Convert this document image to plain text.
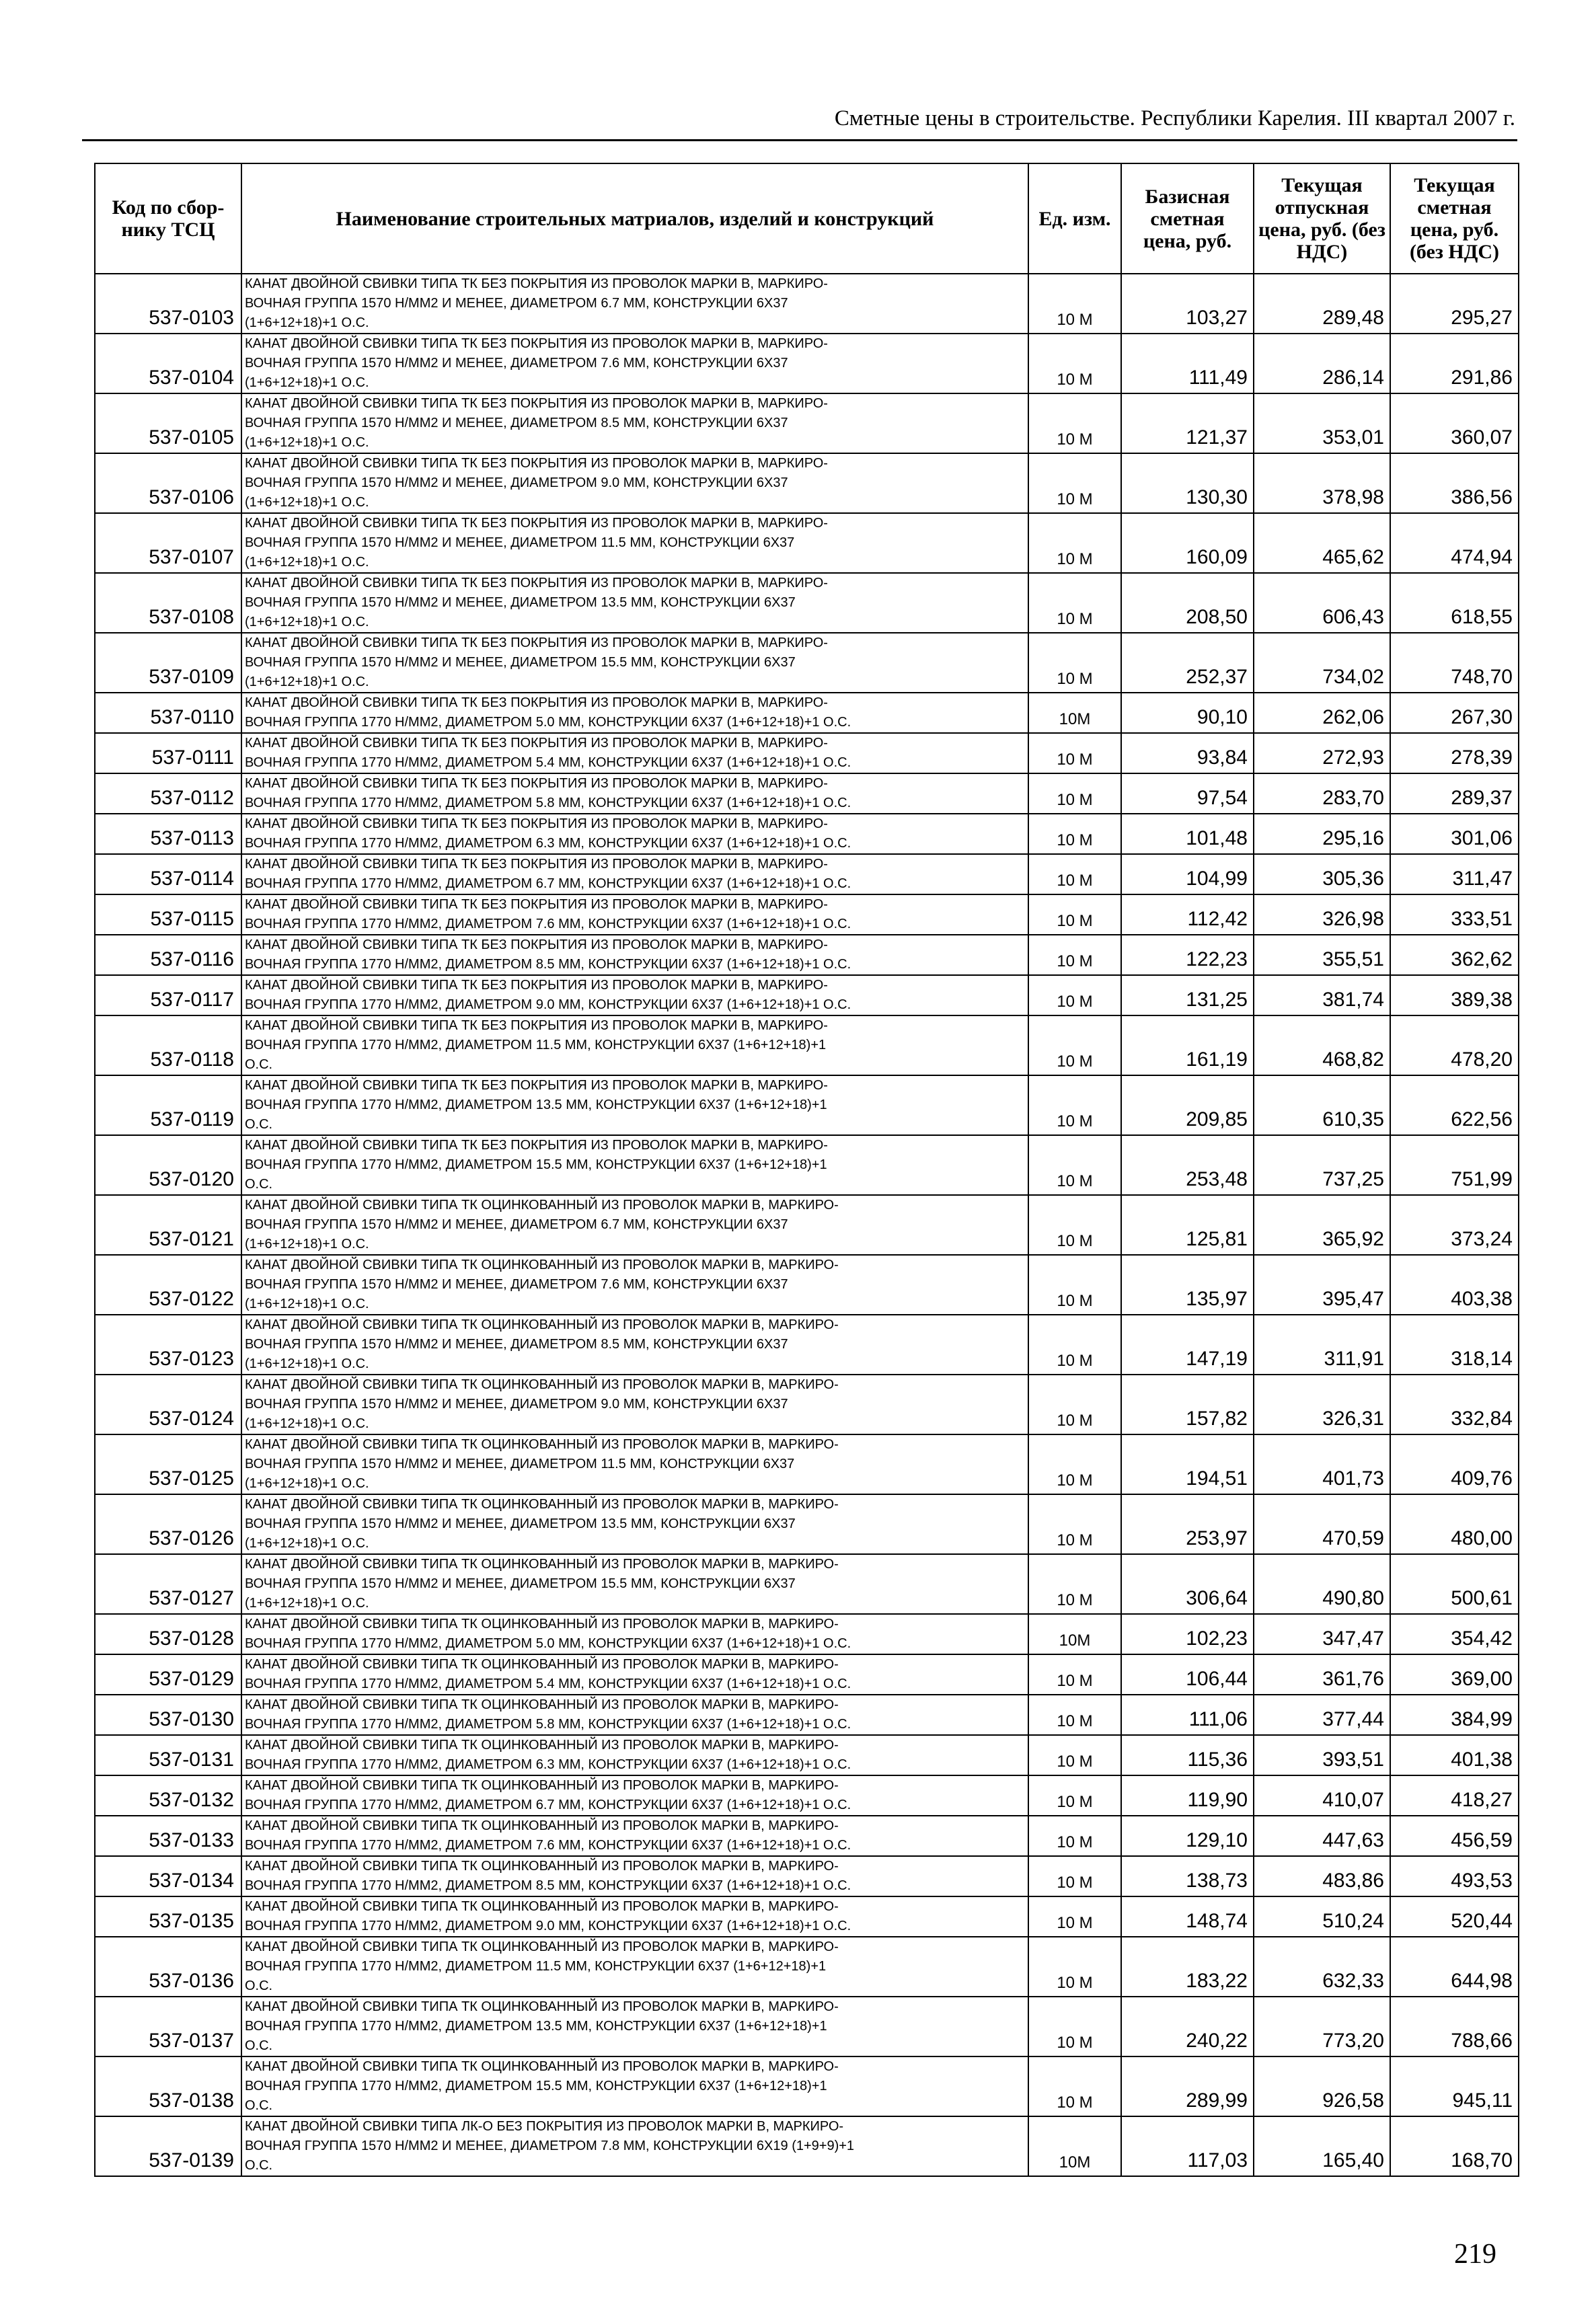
Сметные цены в строительстве. Республики Карелия. III квартал 2007 г.
Код по сбор-нику ТСЦ	Наименование строительных матриалов, изделий и конструкций	Ед. изм.	Базисная сметная цена, руб.	Текущая отпускная цена, руб. (без НДС)	Текущая сметная цена, руб. (без НДС)
537-0103	КАНАТ ДВОЙНОЙ СВИВКИ ТИПА ТК БЕЗ ПОКРЫТИЯ ИЗ ПРОВОЛОК МАРКИ В, МАРКИРО-
ВОЧНАЯ ГРУППА 1570 Н/ММ2 И МЕНЕЕ, ДИАМЕТРОМ 6.7 ММ, КОНСТРУКЦИИ 6Х37
(1+6+12+18)+1 О.С.	10 М	103,27	289,48	295,27
537-0104	КАНАТ ДВОЙНОЙ СВИВКИ ТИПА ТК БЕЗ ПОКРЫТИЯ ИЗ ПРОВОЛОК МАРКИ В, МАРКИРО-
ВОЧНАЯ ГРУППА 1570 Н/ММ2 И МЕНЕЕ, ДИАМЕТРОМ 7.6 ММ, КОНСТРУКЦИИ 6Х37
(1+6+12+18)+1 О.С.	10 М	111,49	286,14	291,86
537-0105	КАНАТ ДВОЙНОЙ СВИВКИ ТИПА ТК БЕЗ ПОКРЫТИЯ ИЗ ПРОВОЛОК МАРКИ В, МАРКИРО-
ВОЧНАЯ ГРУППА 1570 Н/ММ2 И МЕНЕЕ, ДИАМЕТРОМ 8.5 ММ, КОНСТРУКЦИИ 6Х37
(1+6+12+18)+1 О.С.	10 М	121,37	353,01	360,07
537-0106	КАНАТ ДВОЙНОЙ СВИВКИ ТИПА ТК БЕЗ ПОКРЫТИЯ ИЗ ПРОВОЛОК МАРКИ В, МАРКИРО-
ВОЧНАЯ ГРУППА 1570 Н/ММ2 И МЕНЕЕ, ДИАМЕТРОМ 9.0 ММ, КОНСТРУКЦИИ 6Х37
(1+6+12+18)+1 О.С.	10 М	130,30	378,98	386,56
537-0107	КАНАТ ДВОЙНОЙ СВИВКИ ТИПА ТК БЕЗ ПОКРЫТИЯ ИЗ ПРОВОЛОК МАРКИ В, МАРКИРО-
ВОЧНАЯ ГРУППА 1570 Н/ММ2 И МЕНЕЕ, ДИАМЕТРОМ 11.5 ММ, КОНСТРУКЦИИ 6Х37
(1+6+12+18)+1 О.С.	10 М	160,09	465,62	474,94
537-0108	КАНАТ ДВОЙНОЙ СВИВКИ ТИПА ТК БЕЗ ПОКРЫТИЯ ИЗ ПРОВОЛОК МАРКИ В, МАРКИРО-
ВОЧНАЯ ГРУППА 1570 Н/ММ2 И МЕНЕЕ, ДИАМЕТРОМ 13.5 ММ, КОНСТРУКЦИИ 6Х37
(1+6+12+18)+1 О.С.	10 М	208,50	606,43	618,55
537-0109	КАНАТ ДВОЙНОЙ СВИВКИ ТИПА ТК БЕЗ ПОКРЫТИЯ ИЗ ПРОВОЛОК МАРКИ В, МАРКИРО-
ВОЧНАЯ ГРУППА 1570 Н/ММ2 И МЕНЕЕ, ДИАМЕТРОМ 15.5 ММ, КОНСТРУКЦИИ 6Х37
(1+6+12+18)+1 О.С.	10 М	252,37	734,02	748,70
537-0110	КАНАТ ДВОЙНОЙ СВИВКИ ТИПА ТК БЕЗ ПОКРЫТИЯ ИЗ ПРОВОЛОК МАРКИ В, МАРКИРО-
ВОЧНАЯ ГРУППА 1770 Н/ММ2, ДИАМЕТРОМ 5.0 ММ, КОНСТРУКЦИИ 6Х37 (1+6+12+18)+1 О.С.	10М	90,10	262,06	267,30
537-0111	КАНАТ ДВОЙНОЙ СВИВКИ ТИПА ТК БЕЗ ПОКРЫТИЯ ИЗ ПРОВОЛОК МАРКИ В, МАРКИРО-
ВОЧНАЯ ГРУППА 1770 Н/ММ2, ДИАМЕТРОМ 5.4 ММ, КОНСТРУКЦИИ 6Х37 (1+6+12+18)+1 О.С.	10 М	93,84	272,93	278,39
537-0112	КАНАТ ДВОЙНОЙ СВИВКИ ТИПА ТК БЕЗ ПОКРЫТИЯ ИЗ ПРОВОЛОК МАРКИ В, МАРКИРО-
ВОЧНАЯ ГРУППА 1770 Н/ММ2, ДИАМЕТРОМ 5.8 ММ, КОНСТРУКЦИИ 6Х37 (1+6+12+18)+1 О.С.	10 М	97,54	283,70	289,37
537-0113	КАНАТ ДВОЙНОЙ СВИВКИ ТИПА ТК БЕЗ ПОКРЫТИЯ ИЗ ПРОВОЛОК МАРКИ В, МАРКИРО-
ВОЧНАЯ ГРУППА 1770 Н/ММ2, ДИАМЕТРОМ 6.3 ММ, КОНСТРУКЦИИ 6Х37 (1+6+12+18)+1 О.С.	10 М	101,48	295,16	301,06
537-0114	КАНАТ ДВОЙНОЙ СВИВКИ ТИПА ТК БЕЗ ПОКРЫТИЯ ИЗ ПРОВОЛОК МАРКИ В, МАРКИРО-
ВОЧНАЯ ГРУППА 1770 Н/ММ2, ДИАМЕТРОМ 6.7 ММ, КОНСТРУКЦИИ 6Х37 (1+6+12+18)+1 О.С.	10 М	104,99	305,36	311,47
537-0115	КАНАТ ДВОЙНОЙ СВИВКИ ТИПА ТК БЕЗ ПОКРЫТИЯ ИЗ ПРОВОЛОК МАРКИ В, МАРКИРО-
ВОЧНАЯ ГРУППА 1770 Н/ММ2, ДИАМЕТРОМ 7.6 ММ, КОНСТРУКЦИИ 6Х37 (1+6+12+18)+1 О.С.	10 М	112,42	326,98	333,51
537-0116	КАНАТ ДВОЙНОЙ СВИВКИ ТИПА ТК БЕЗ ПОКРЫТИЯ ИЗ ПРОВОЛОК МАРКИ В, МАРКИРО-
ВОЧНАЯ ГРУППА 1770 Н/ММ2, ДИАМЕТРОМ 8.5 ММ, КОНСТРУКЦИИ 6Х37 (1+6+12+18)+1 О.С.	10 М	122,23	355,51	362,62
537-0117	КАНАТ ДВОЙНОЙ СВИВКИ ТИПА ТК БЕЗ ПОКРЫТИЯ ИЗ ПРОВОЛОК МАРКИ В, МАРКИРО-
ВОЧНАЯ ГРУППА 1770 Н/ММ2, ДИАМЕТРОМ 9.0 ММ, КОНСТРУКЦИИ 6Х37 (1+6+12+18)+1 О.С.	10 М	131,25	381,74	389,38
537-0118	КАНАТ ДВОЙНОЙ СВИВКИ ТИПА ТК БЕЗ ПОКРЫТИЯ ИЗ ПРОВОЛОК МАРКИ В, МАРКИРО-
ВОЧНАЯ ГРУППА 1770 Н/ММ2, ДИАМЕТРОМ 11.5 ММ, КОНСТРУКЦИИ 6Х37 (1+6+12+18)+1
О.С.	10 М	161,19	468,82	478,20
537-0119	КАНАТ ДВОЙНОЙ СВИВКИ ТИПА ТК БЕЗ ПОКРЫТИЯ ИЗ ПРОВОЛОК МАРКИ В, МАРКИРО-
ВОЧНАЯ ГРУППА 1770 Н/ММ2, ДИАМЕТРОМ 13.5 ММ, КОНСТРУКЦИИ 6Х37 (1+6+12+18)+1
О.С.	10 М	209,85	610,35	622,56
537-0120	КАНАТ ДВОЙНОЙ СВИВКИ ТИПА ТК БЕЗ ПОКРЫТИЯ ИЗ ПРОВОЛОК МАРКИ В, МАРКИРО-
ВОЧНАЯ ГРУППА 1770 Н/ММ2, ДИАМЕТРОМ 15.5 ММ, КОНСТРУКЦИИ 6Х37 (1+6+12+18)+1
О.С.	10 М	253,48	737,25	751,99
537-0121	КАНАТ ДВОЙНОЙ СВИВКИ ТИПА ТК ОЦИНКОВАННЫЙ ИЗ ПРОВОЛОК МАРКИ В, МАРКИРО-
ВОЧНАЯ ГРУППА 1570 Н/ММ2 И МЕНЕЕ, ДИАМЕТРОМ 6.7 ММ, КОНСТРУКЦИИ 6Х37
(1+6+12+18)+1 О.С.	10 М	125,81	365,92	373,24
537-0122	КАНАТ ДВОЙНОЙ СВИВКИ ТИПА ТК ОЦИНКОВАННЫЙ ИЗ ПРОВОЛОК МАРКИ В, МАРКИРО-
ВОЧНАЯ ГРУППА 1570 Н/ММ2 И МЕНЕЕ, ДИАМЕТРОМ 7.6 ММ, КОНСТРУКЦИИ 6Х37
(1+6+12+18)+1 О.С.	10 М	135,97	395,47	403,38
537-0123	КАНАТ ДВОЙНОЙ СВИВКИ ТИПА ТК ОЦИНКОВАННЫЙ ИЗ ПРОВОЛОК МАРКИ В, МАРКИРО-
ВОЧНАЯ ГРУППА 1570 Н/ММ2 И МЕНЕЕ, ДИАМЕТРОМ 8.5 ММ, КОНСТРУКЦИИ 6Х37
(1+6+12+18)+1 О.С.	10 М	147,19	311,91	318,14
537-0124	КАНАТ ДВОЙНОЙ СВИВКИ ТИПА ТК ОЦИНКОВАННЫЙ ИЗ ПРОВОЛОК МАРКИ В, МАРКИРО-
ВОЧНАЯ ГРУППА 1570 Н/ММ2 И МЕНЕЕ, ДИАМЕТРОМ 9.0 ММ, КОНСТРУКЦИИ 6Х37
(1+6+12+18)+1 О.С.	10 М	157,82	326,31	332,84
537-0125	КАНАТ ДВОЙНОЙ СВИВКИ ТИПА ТК ОЦИНКОВАННЫЙ ИЗ ПРОВОЛОК МАРКИ В, МАРКИРО-
ВОЧНАЯ ГРУППА 1570 Н/ММ2 И МЕНЕЕ, ДИАМЕТРОМ 11.5 ММ, КОНСТРУКЦИИ 6Х37
(1+6+12+18)+1 О.С.	10 М	194,51	401,73	409,76
537-0126	КАНАТ ДВОЙНОЙ СВИВКИ ТИПА ТК ОЦИНКОВАННЫЙ ИЗ ПРОВОЛОК МАРКИ В, МАРКИРО-
ВОЧНАЯ ГРУППА 1570 Н/ММ2 И МЕНЕЕ, ДИАМЕТРОМ 13.5 ММ, КОНСТРУКЦИИ 6Х37
(1+6+12+18)+1 О.С.	10 М	253,97	470,59	480,00
537-0127	КАНАТ ДВОЙНОЙ СВИВКИ ТИПА ТК ОЦИНКОВАННЫЙ ИЗ ПРОВОЛОК МАРКИ В, МАРКИРО-
ВОЧНАЯ ГРУППА 1570 Н/ММ2 И МЕНЕЕ, ДИАМЕТРОМ 15.5 ММ, КОНСТРУКЦИИ 6Х37
(1+6+12+18)+1 О.С.	10 М	306,64	490,80	500,61
537-0128	КАНАТ ДВОЙНОЙ СВИВКИ ТИПА ТК ОЦИНКОВАННЫЙ ИЗ ПРОВОЛОК МАРКИ В, МАРКИРО-
ВОЧНАЯ ГРУППА 1770 Н/ММ2, ДИАМЕТРОМ 5.0 ММ, КОНСТРУКЦИИ 6Х37 (1+6+12+18)+1 О.С.	10М	102,23	347,47	354,42
537-0129	КАНАТ ДВОЙНОЙ СВИВКИ ТИПА ТК ОЦИНКОВАННЫЙ ИЗ ПРОВОЛОК МАРКИ В, МАРКИРО-
ВОЧНАЯ ГРУППА 1770 Н/ММ2, ДИАМЕТРОМ 5.4 ММ, КОНСТРУКЦИИ 6Х37 (1+6+12+18)+1 О.С.	10 М	106,44	361,76	369,00
537-0130	КАНАТ ДВОЙНОЙ СВИВКИ ТИПА ТК ОЦИНКОВАННЫЙ ИЗ ПРОВОЛОК МАРКИ В, МАРКИРО-
ВОЧНАЯ ГРУППА 1770 Н/ММ2, ДИАМЕТРОМ 5.8 ММ, КОНСТРУКЦИИ 6Х37 (1+6+12+18)+1 О.С.	10 М	111,06	377,44	384,99
537-0131	КАНАТ ДВОЙНОЙ СВИВКИ ТИПА ТК ОЦИНКОВАННЫЙ ИЗ ПРОВОЛОК МАРКИ В, МАРКИРО-
ВОЧНАЯ ГРУППА 1770 Н/ММ2, ДИАМЕТРОМ 6.3 ММ, КОНСТРУКЦИИ 6Х37 (1+6+12+18)+1 О.С.	10 М	115,36	393,51	401,38
537-0132	КАНАТ ДВОЙНОЙ СВИВКИ ТИПА ТК ОЦИНКОВАННЫЙ ИЗ ПРОВОЛОК МАРКИ В, МАРКИРО-
ВОЧНАЯ ГРУППА 1770 Н/ММ2, ДИАМЕТРОМ 6.7 ММ, КОНСТРУКЦИИ 6Х37 (1+6+12+18)+1 О.С.	10 М	119,90	410,07	418,27
537-0133	КАНАТ ДВОЙНОЙ СВИВКИ ТИПА ТК ОЦИНКОВАННЫЙ ИЗ ПРОВОЛОК МАРКИ В, МАРКИРО-
ВОЧНАЯ ГРУППА 1770 Н/ММ2, ДИАМЕТРОМ 7.6 ММ, КОНСТРУКЦИИ 6Х37 (1+6+12+18)+1 О.С.	10 М	129,10	447,63	456,59
537-0134	КАНАТ ДВОЙНОЙ СВИВКИ ТИПА ТК ОЦИНКОВАННЫЙ ИЗ ПРОВОЛОК МАРКИ В, МАРКИРО-
ВОЧНАЯ ГРУППА 1770 Н/ММ2, ДИАМЕТРОМ 8.5 ММ, КОНСТРУКЦИИ 6Х37 (1+6+12+18)+1 О.С.	10 М	138,73	483,86	493,53
537-0135	КАНАТ ДВОЙНОЙ СВИВКИ ТИПА ТК ОЦИНКОВАННЫЙ ИЗ ПРОВОЛОК МАРКИ В, МАРКИРО-
ВОЧНАЯ ГРУППА 1770 Н/ММ2, ДИАМЕТРОМ 9.0 ММ, КОНСТРУКЦИИ 6Х37 (1+6+12+18)+1 О.С.	10 М	148,74	510,24	520,44
537-0136	КАНАТ ДВОЙНОЙ СВИВКИ ТИПА ТК ОЦИНКОВАННЫЙ ИЗ ПРОВОЛОК МАРКИ В, МАРКИРО-
ВОЧНАЯ ГРУППА 1770 Н/ММ2, ДИАМЕТРОМ 11.5 ММ, КОНСТРУКЦИИ 6Х37 (1+6+12+18)+1
О.С.	10 М	183,22	632,33	644,98
537-0137	КАНАТ ДВОЙНОЙ СВИВКИ ТИПА ТК ОЦИНКОВАННЫЙ ИЗ ПРОВОЛОК МАРКИ В, МАРКИРО-
ВОЧНАЯ ГРУППА 1770 Н/ММ2, ДИАМЕТРОМ 13.5 ММ, КОНСТРУКЦИИ 6Х37 (1+6+12+18)+1
О.С.	10 М	240,22	773,20	788,66
537-0138	КАНАТ ДВОЙНОЙ СВИВКИ ТИПА ТК ОЦИНКОВАННЫЙ ИЗ ПРОВОЛОК МАРКИ В, МАРКИРО-
ВОЧНАЯ ГРУППА 1770 Н/ММ2, ДИАМЕТРОМ 15.5 ММ, КОНСТРУКЦИИ 6Х37 (1+6+12+18)+1
О.С.	10 М	289,99	926,58	945,11
537-0139	КАНАТ ДВОЙНОЙ СВИВКИ ТИПА ЛК-О БЕЗ ПОКРЫТИЯ ИЗ ПРОВОЛОК МАРКИ В, МАРКИРО-
ВОЧНАЯ ГРУППА 1570 Н/ММ2 И МЕНЕЕ, ДИАМЕТРОМ 7.8 ММ, КОНСТРУКЦИИ 6Х19 (1+9+9)+1
О.С.	10М	117,03	165,40	168,70
219
